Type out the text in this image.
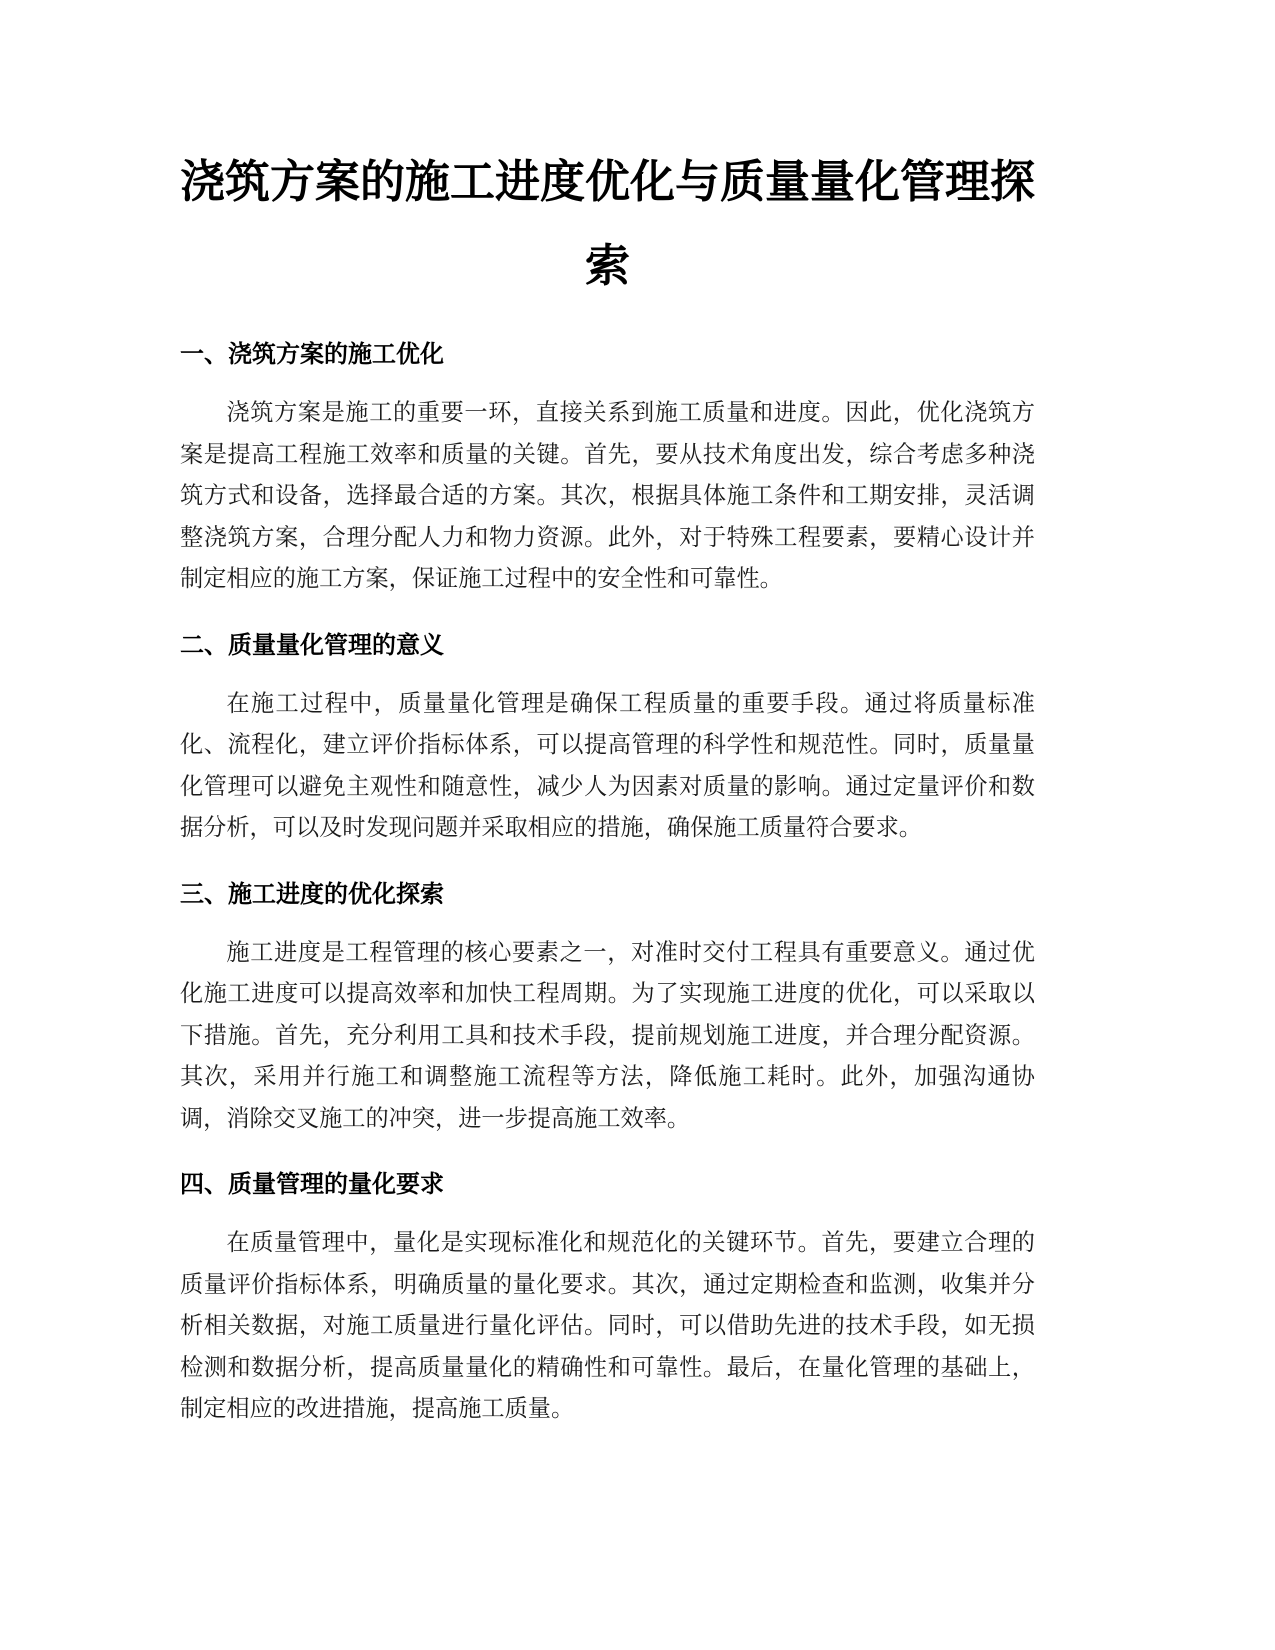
浇筑方案的施工进度优化与质量量化管理探索
一、浇筑方案的施工优化

浇筑方案是施工的重要一环，直接关系到施工质量和进度。因此，优化浇筑方案是提高工程施工效率和质量的关键。首先，要从技术角度出发，综合考虑多种浇筑方式和设备，选择最合适的方案。其次，根据具体施工条件和工期安排，灵活调整浇筑方案，合理分配人力和物力资源。此外，对于特殊工程要素，要精心设计并制定相应的施工方案，保证施工过程中的安全性和可靠性。

二、质量量化管理的意义

在施工过程中，质量量化管理是确保工程质量的重要手段。通过将质量标准化、流程化，建立评价指标体系，可以提高管理的科学性和规范性。同时，质量量化管理可以避免主观性和随意性，减少人为因素对质量的影响。通过定量评价和数据分析，可以及时发现问题并采取相应的措施，确保施工质量符合要求。

三、施工进度的优化探索

施工进度是工程管理的核心要素之一，对准时交付工程具有重要意义。通过优化施工进度可以提高效率和加快工程周期。为了实现施工进度的优化，可以采取以下措施。首先，充分利用工具和技术手段，提前规划施工进度，并合理分配资源。其次，采用并行施工和调整施工流程等方法，降低施工耗时。此外，加强沟通协调，消除交叉施工的冲突，进一步提高施工效率。

四、质量管理的量化要求

在质量管理中，量化是实现标准化和规范化的关键环节。首先，要建立合理的质量评价指标体系，明确质量的量化要求。其次，通过定期检查和监测，收集并分析相关数据，对施工质量进行量化评估。同时，可以借助先进的技术手段，如无损检测和数据分析，提高质量量化的精确性和可靠性。最后，在量化管理的基础上，制定相应的改进措施，提高施工质量。
